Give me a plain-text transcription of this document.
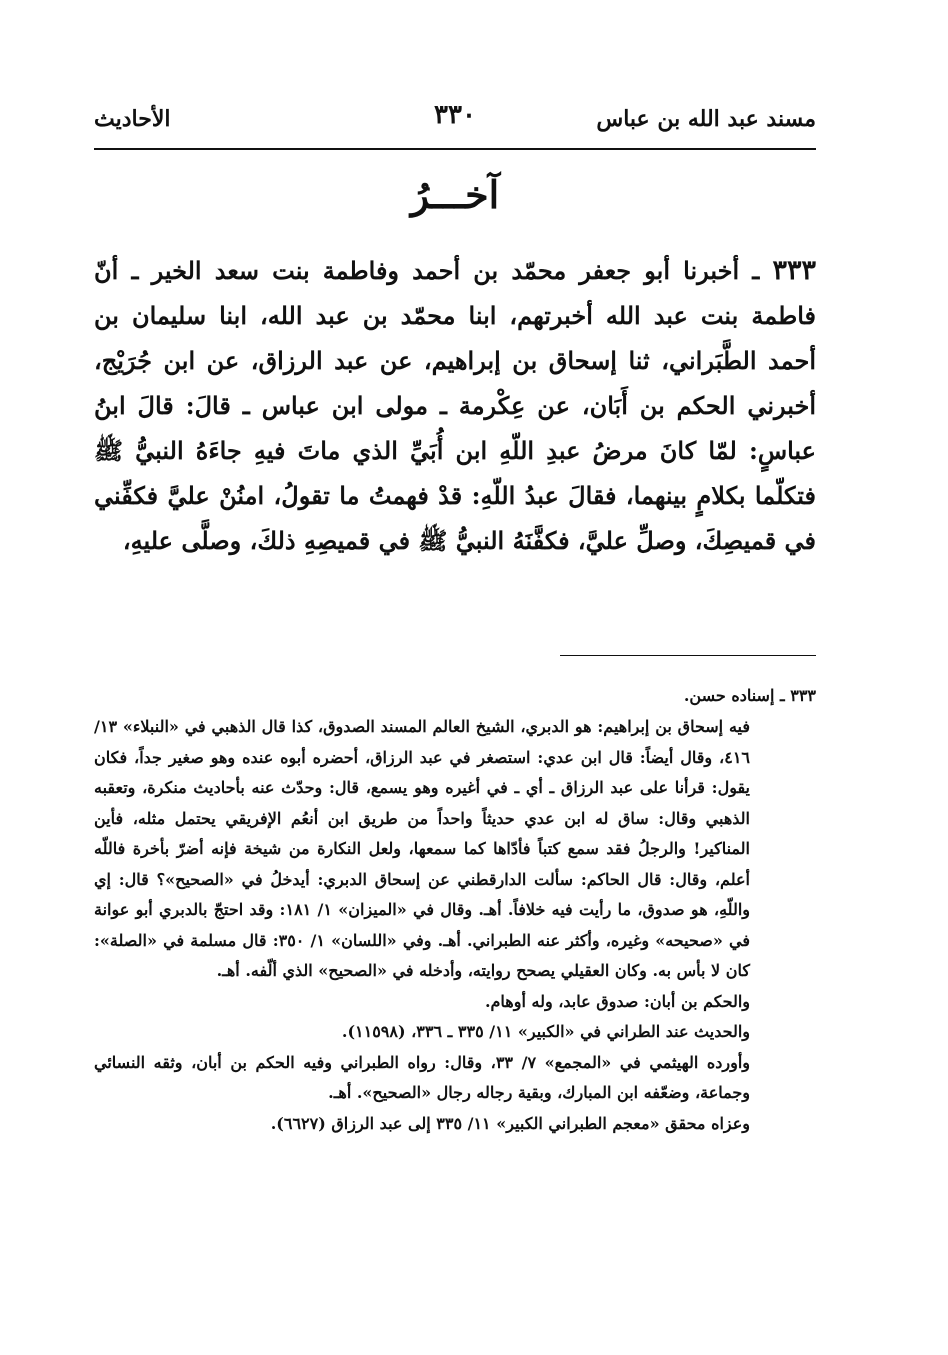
مسند عبد الله بن عباس
٣٣٠
الأحاديث
آخـــرُ
٣٣٣ ـ أخبرنا أبو جعفر محمّد بن أحمد وفاطمة بنت سعد الخير ـ أنّ فاطمة بنت عبد الله أخبرتهم، ابنا محمّد بن عبد الله، ابنا سليمان بن أحمد الطَّبَراني، ثنا إسحاق بن إبراهيم، عن عبد الرزاق، عن ابن جُرَيْج، أخبرني الحكم بن أَبَان، عن عِكْرمة ـ مولى ابن عباس ـ قالَ: قالَ ابنُ عباسٍ: لمّا كانَ مرضُ عبدِ اللّهِ ابن أُبَيِّ الذي ماتَ فيهِ جاءَهُ النبيُّ ﷺ فتكلّما بكلامٍ بينهما، فقالَ عبدُ اللّهِ: قدْ فهمتُ ما تقولُ، امنُنْ عليَّ فكفِّني في قميصِكَ، وصلِّ عليَّ، فكفَّنَهُ النبيُّ ﷺ في قميصِهِ ذلكَ، وصلَّى عليهِ،
٣٣٣ ـ إسناده حسن.

فيه إسحاق بن إبراهيم: هو الدبري، الشيخ العالم المسند الصدوق، كذا قال الذهبي في «النبلاء» ١٣/ ٤١٦، وقال أيضاً: قال ابن عدي: استصغر في عبد الرزاق، أحضره أبوه عنده وهو صغير جداً، فكان يقول: قرأنا على عبد الرزاق ـ أي ـ في أغيره وهو يسمع، قال: وحدّث عنه بأحاديث منكرة، وتعقبه الذهبي وقال: ساق له ابن عدي حديثاً واحداً من طريق ابن أنعُم الإفريقي يحتمل مثله، فأين المناكير! والرجلُ فقد سمع كتباً فأدّاها كما سمعها، ولعل النكارة من شيخة فإنه أضرّ بأخرة فاللّه أعلم، وقال: قال الحاكم: سألت الدارقطني عن إسحاق الدبري: أيدخلُ في «الصحيح»؟ قال: إي واللّهِ، هو صدوق، ما رأيت فيه خلافاً. أهـ. وقال في «الميزان» ١/ ١٨١: وقد احتجّ بالدبري أبو عوانة في «صحيحه» وغيره، وأكثر عنه الطبراني. أهـ. وفي «اللسان» ١/ ٣٥٠: قال مسلمة في «الصلة»: كان لا بأس به. وكان العقيلي يصحح روايته، وأدخله في «الصحيح» الذي ألّفه. أهـ.

والحكم بن أبان: صدوق عابد، وله أوهام.

والحديث عند الطراني في «الكبير» ١١/ ٣٣٥ ـ ٣٣٦، (١١٥٩٨).

وأورده الهيثمي في «المجمع» ٧/ ٣٣، وقال: رواه الطبراني وفيه الحكم بن أبان، وثقه النسائي وجماعة، وضعّفه ابن المبارك، وبقية رجاله رجال «الصحيح». أهـ.

وعزاه محقق «معجم الطبراني الكبير» ١١/ ٣٣٥ إلى عبد الرزاق (٦٦٢٧).
